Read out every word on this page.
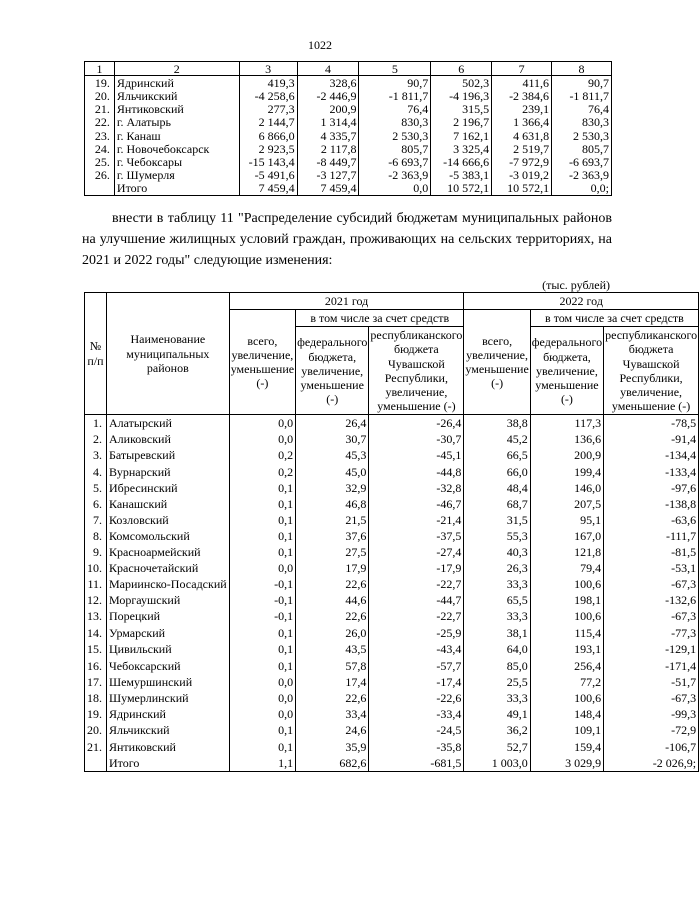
1022
1	2	3	4	5	6	7	8
19.	Ядринский	419,3	328,6	90,7	502,3	411,6	90,7
20.	Яльчикский	-4 258,6	-2 446,9	-1 811,7	-4 196,3	-2 384,6	-1 811,7
21.	Янтиковский	277,3	200,9	76,4	315,5	239,1	76,4
22.	г. Алатырь	2 144,7	1 314,4	830,3	2 196,7	1 366,4	830,3
23.	г. Канаш	6 866,0	4 335,7	2 530,3	7 162,1	4 631,8	2 530,3
24.	г. Новочебоксарск	2 923,5	2 117,8	805,7	3 325,4	2 519,7	805,7
25.	г. Чебоксары	-15 143,4	-8 449,7	-6 693,7	-14 666,6	-7 972,9	-6 693,7
26.	г. Шумерля	-5 491,6	-3 127,7	-2 363,9	-5 383,1	-3 019,2	-2 363,9
	Итого	7 459,4	7 459,4	0,0	10 572,1	10 572,1	0,0;
внести в таблицу 11 "Распределение субсидий бюджетам муниципальных районов на улучшение жилищных условий граждан, проживающих на сельских территориях, на 2021 и 2022 годы" следующие изменения:
(тыс. рублей)
№ п/п	Наименование муниципальных районов	2021 год			2022 год		
		всего, увеличение, уменьшение (-)	в том числе за счет средств		всего, увеличение, уменьшение (-)	в том числе за счет средств	
			федерального бюджета, увеличение, уменьшение (-)	республиканского бюджета Чувашской Республики, увеличение, уменьшение (-)		федерального бюджета, увеличение, уменьшение (-)	республиканского бюджета Чувашской Республики, увеличение, уменьшение (-)
1.	Алатырский	0,0	26,4	-26,4	38,8	117,3	-78,5
2.	Аликовский	0,0	30,7	-30,7	45,2	136,6	-91,4
3.	Батыревский	0,2	45,3	-45,1	66,5	200,9	-134,4
4.	Вурнарский	0,2	45,0	-44,8	66,0	199,4	-133,4
5.	Ибресинский	0,1	32,9	-32,8	48,4	146,0	-97,6
6.	Канашский	0,1	46,8	-46,7	68,7	207,5	-138,8
7.	Козловский	0,1	21,5	-21,4	31,5	95,1	-63,6
8.	Комсомольский	0,1	37,6	-37,5	55,3	167,0	-111,7
9.	Красноармейский	0,1	27,5	-27,4	40,3	121,8	-81,5
10.	Красночетайский	0,0	17,9	-17,9	26,3	79,4	-53,1
11.	Мариинско-Посадский	-0,1	22,6	-22,7	33,3	100,6	-67,3
12.	Моргаушский	-0,1	44,6	-44,7	65,5	198,1	-132,6
13.	Порецкий	-0,1	22,6	-22,7	33,3	100,6	-67,3
14.	Урмарский	0,1	26,0	-25,9	38,1	115,4	-77,3
15.	Цивильский	0,1	43,5	-43,4	64,0	193,1	-129,1
16.	Чебоксарский	0,1	57,8	-57,7	85,0	256,4	-171,4
17.	Шемуршинский	0,0	17,4	-17,4	25,5	77,2	-51,7
18.	Шумерлинский	0,0	22,6	-22,6	33,3	100,6	-67,3
19.	Ядринский	0,0	33,4	-33,4	49,1	148,4	-99,3
20.	Яльчикский	0,1	24,6	-24,5	36,2	109,1	-72,9
21.	Янтиковский	0,1	35,9	-35,8	52,7	159,4	-106,7
	Итого	1,1	682,6	-681,5	1 003,0	3 029,9	-2 026,9;
